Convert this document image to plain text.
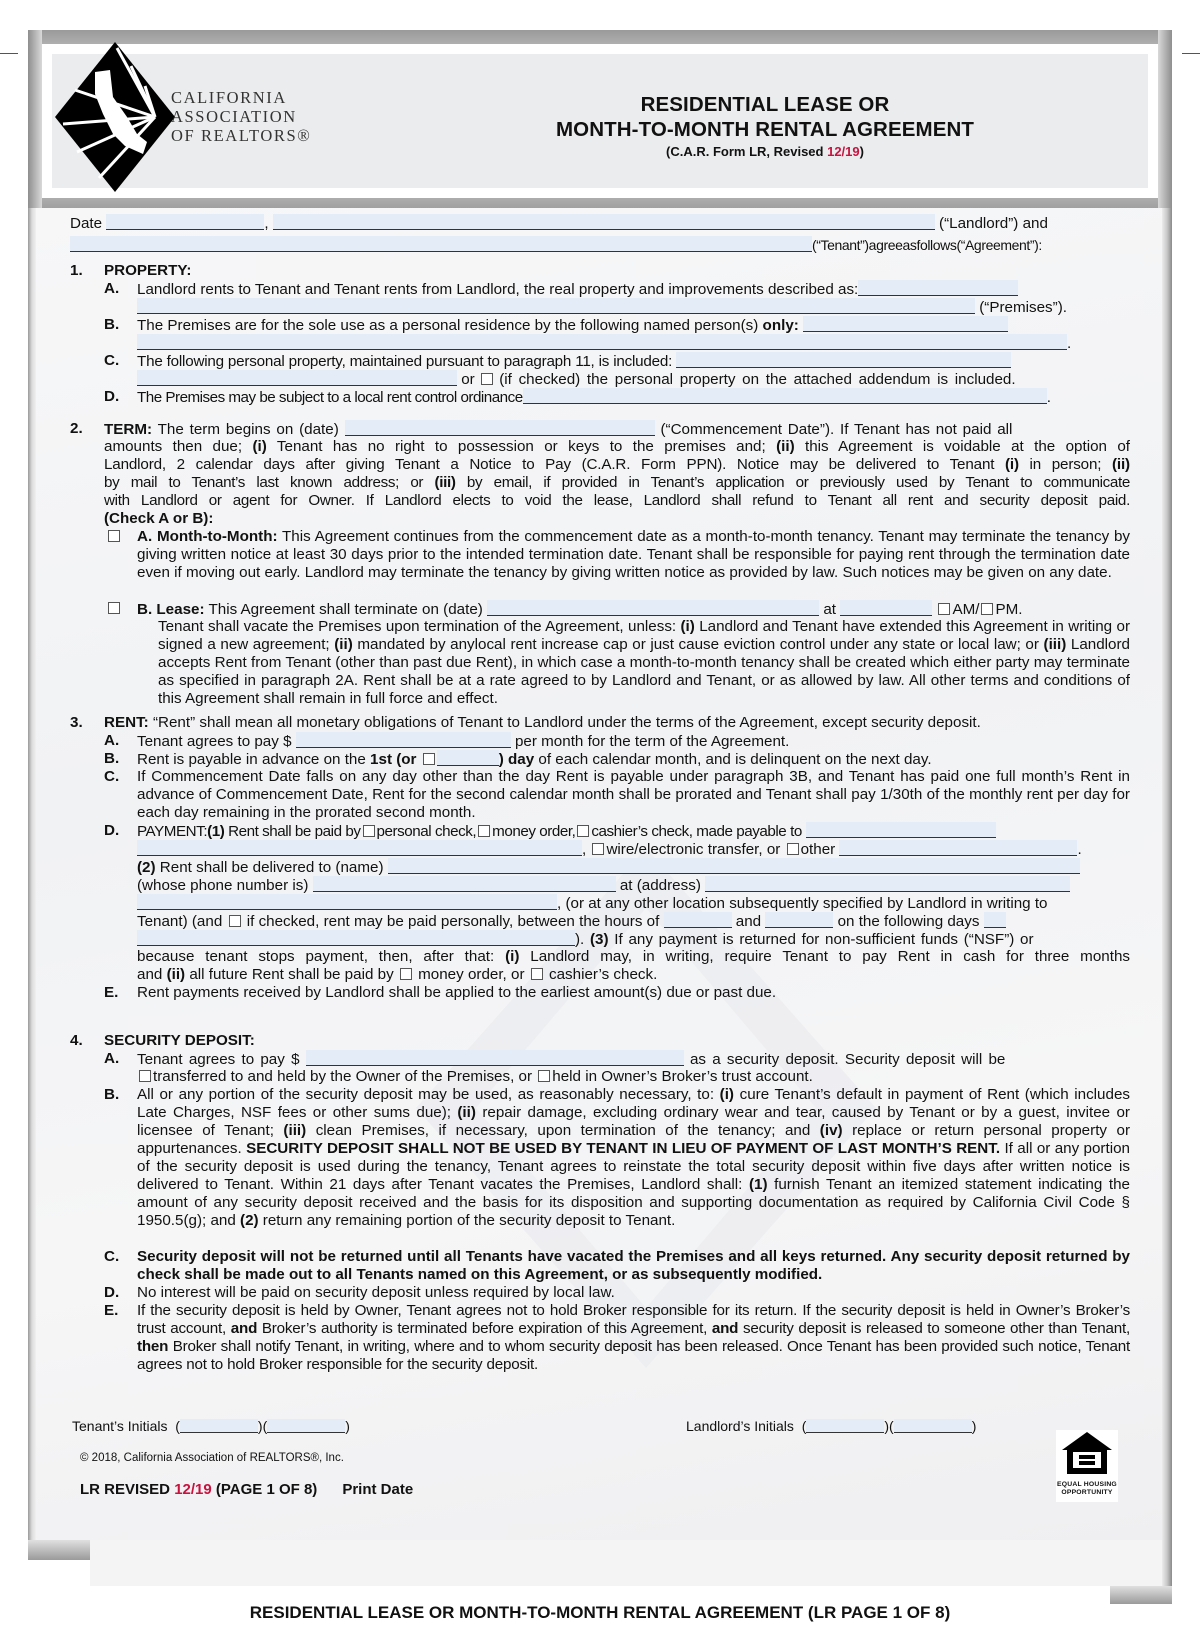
CALIFORNIA
ASSOCIATION
OF REALTORS®
RESIDENTIAL LEASE OR
MONTH-TO-MONTH RENTAL AGREEMENT
(C.A.R. Form LR, Revised 12/19)
Date	,	(“Landlord”) and
(“Tenant”)agreeasfollows(“Agreement”):
1. PROPERTY:
A. Landlord rents to Tenant and Tenant rents from Landlord, the real property and improvements described as:
(“Premises”).
B. The Premises are for the sole use as a personal residence by the following named person(s) only:
.
C. The following personal property, maintained pursuant to paragraph 11, is included:
or (if checked) the personal property on the attached addendum is included.
D. The Premises may be subject to a local rent control ordinance	.
2. TERM: The term begins on (date)	(“Commencement Date”). If Tenant has not paid all
amounts then due; (i) Tenant has no right to possession or keys to the premises and; (ii) this Agreement is voidable at the option of
Landlord, 2 calendar days after giving Tenant a Notice to Pay (C.A.R. Form PPN). Notice may be delivered to Tenant (i) in person; (ii)
by mail to Tenant’s last known address; or (iii) by email, if provided in Tenant’s application or previously used by Tenant to communicate
with Landlord or agent for Owner. If Landlord elects to void the lease, Landlord shall refund to Tenant all rent and security deposit paid.
(Check A or B):
A. Month-to-Month: This Agreement continues from the commencement date as a month-to-month tenancy. Tenant may terminate the tenancy by giving written notice at least 30 days prior to the intended termination date. Tenant shall be responsible for paying rent through the termination date even if moving out early. Landlord may terminate the tenancy by giving written notice as provided by law. Such notices may be given on any date.
B. Lease: This Agreement shall terminate on (date)	at	AM/ PM.
Tenant shall vacate the Premises upon termination of the Agreement, unless: (i) Landlord and Tenant have extended this Agreement in writing or signed a new agreement; (ii) mandated by anylocal rent increase cap or just cause eviction control under any state or local law; or (iii) Landlord accepts Rent from Tenant (other than past due Rent), in which case a month-to-month tenancy shall be created which either party may terminate as specified in paragraph 2A. Rent shall be at a rate agreed to by Landlord and Tenant, or as allowed by law. All other terms and conditions of this Agreement shall remain in full force and effect.
3. RENT: “Rent” shall mean all monetary obligations of Tenant to Landlord under the terms of the Agreement, except security deposit.
A. Tenant agrees to pay $	per month for the term of the Agreement.
B. Rent is payable in advance on the 1st (or	) day of each calendar month, and is delinquent on the next day.
C. If Commencement Date falls on any day other than the day Rent is payable under paragraph 3B, and Tenant has paid one full month’s Rent in advance of Commencement Date, Rent for the second calendar month shall be prorated and Tenant shall pay 1/30th of the monthly rent per day for each day remaining in the prorated second month.
D. PAYMENT:(1) Rent shall be paid by personal check, money order, cashier’s check, made payable to
, wire/electronic transfer, or other	.
(2) Rent shall be delivered to (name)
(whose phone number is)	at (address)
, (or at any other location subsequently specified by Landlord in writing to
Tenant) (and if checked, rent may be paid personally, between the hours of	and	on the following days
). (3) If any payment is returned for non-sufficient funds (“NSF”) or
because tenant stops payment, then, after that: (i) Landlord may, in writing, require Tenant to pay Rent in cash for three months
and (ii) all future Rent shall be paid by money order, or cashier’s check.
E. Rent payments received by Landlord shall be applied to the earliest amount(s) due or past due.
4. SECURITY DEPOSIT:
A. Tenant agrees to pay $	as a security deposit. Security deposit will be
transferred to and held by the Owner of the Premises, or held in Owner’s Broker’s trust account.
B. All or any portion of the security deposit may be used, as reasonably necessary, to: (i) cure Tenant’s default in payment of Rent (which includes Late Charges, NSF fees or other sums due); (ii) repair damage, excluding ordinary wear and tear, caused by Tenant or by a guest, invitee or licensee of Tenant; (iii) clean Premises, if necessary, upon termination of the tenancy; and (iv) replace or return personal property or appurtenances. SECURITY DEPOSIT SHALL NOT BE USED BY TENANT IN LIEU OF PAYMENT OF LAST MONTH’S RENT. If all or any portion of the security deposit is used during the tenancy, Tenant agrees to reinstate the total security deposit within five days after written notice is delivered to Tenant. Within 21 days after Tenant vacates the Premises, Landlord shall: (1) furnish Tenant an itemized statement indicating the amount of any security deposit received and the basis for its disposition and supporting documentation as required by California Civil Code § 1950.5(g); and (2) return any remaining portion of the security deposit to Tenant.
C. Security deposit will not be returned until all Tenants have vacated the Premises and all keys returned. Any security deposit returned by check shall be made out to all Tenants named on this Agreement, or as subsequently modified.
D. No interest will be paid on security deposit unless required by local law.
E. If the security deposit is held by Owner, Tenant agrees not to hold Broker responsible for its return. If the security deposit is held in Owner’s Broker’s trust account, and Broker’s authority is terminated before expiration of this Agreement, and security deposit is released to someone other than Tenant, then Broker shall notify Tenant, in writing, where and to whom security deposit has been released. Once Tenant has been provided such notice, Tenant agrees not to hold Broker responsible for the security deposit.
Tenant’s Initials  (	)(	)	Landlord’s Initials  (	)(	)
© 2018, California Association of REALTORS®, Inc.
LR REVISED 12/19 (PAGE 1 OF 8) Print Date	EQUAL HOUSING
OPPORTUNITY
RESIDENTIAL LEASE OR MONTH-TO-MONTH RENTAL AGREEMENT (LR PAGE 1 OF 8)
